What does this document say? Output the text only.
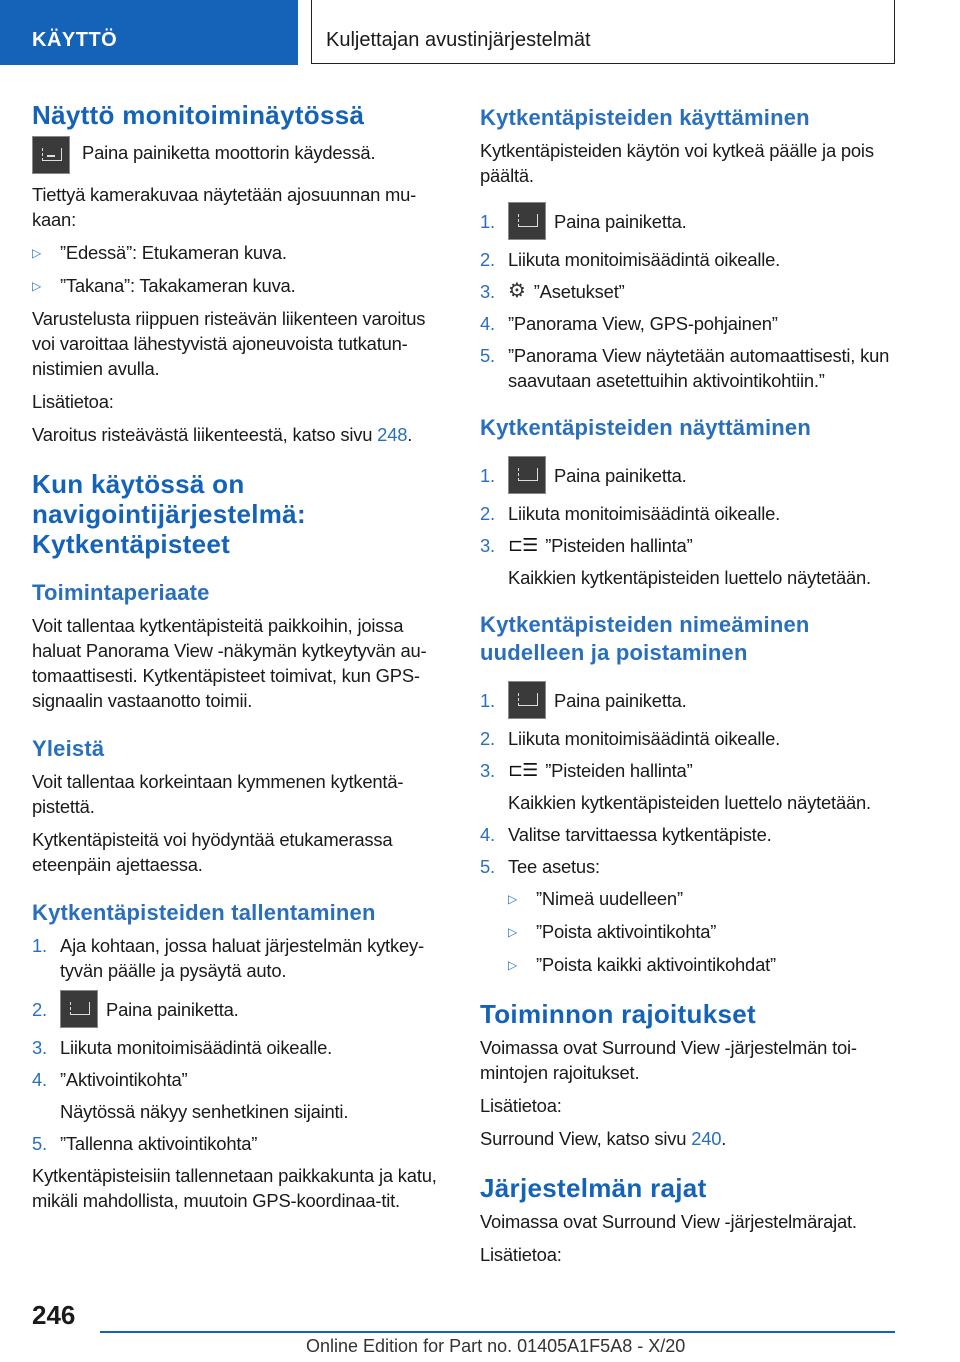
KÄYTTÖ	Kuljettajan avustinjärjestelmät
Näyttö monitoiminäytössä
Paina painiketta moottorin käydessä.
Tiettyä kamerakuvaa näytetään ajosuunnan mu-kaan:
▷	”Edessä”: Etukameran kuva.
▷	”Takana”: Takakameran kuva.
Varustelusta riippuen risteävän liikenteen varoitus voi varoittaa lähestyvistä ajoneuvoista tutkatun-nistimien avulla.
Lisätietoa:
Varoitus risteävästä liikenteestä, katso sivu 248.
Kun käytössä on navigointijärjestelmä: Kytkentäpisteet
Toimintaperiaate
Voit tallentaa kytkentäpisteitä paikkoihin, joissa haluat Panorama View -näkymän kytkeytyvän au-tomaattisesti. Kytkentäpisteet toimivat, kun GPS-signaalin vastaanotto toimii.
Yleistä
Voit tallentaa korkeintaan kymmenen kytkentä-pistettä.
Kytkentäpisteitä voi hyödyntää etukamerassa eteenpäin ajettaessa.
Kytkentäpisteiden tallentaminen
1. Aja kohtaan, jossa haluat järjestelmän kytkey-tyvän päälle ja pysäytä auto.
2.	Paina painiketta.
3. Liikuta monitoimisäädintä oikealle.
4. ”Aktivointikohta”
Näytössä näkyy senhetkinen sijainti.
5. ”Tallenna aktivointikohta”
Kytkentäpisteisiin tallennetaan paikkakunta ja katu, mikäli mahdollista, muutoin GPS-koordinaa-tit.
Kytkentäpisteiden käyttäminen
Kytkentäpisteiden käytön voi kytkeä päälle ja pois päältä.
1.	Paina painiketta.
2. Liikuta monitoimisäädintä oikealle.
3. ⚙ ”Asetukset”
4. ”Panorama View, GPS-pohjainen”
5. ”Panorama View näytetään automaattisesti, kun saavutaan asetettuihin aktivointikohtiin.”
Kytkentäpisteiden näyttäminen
1.	Paina painiketta.
2. Liikuta monitoimisäädintä oikealle.
3. ⊏☰ ”Pisteiden hallinta”
Kaikkien kytkentäpisteiden luettelo näytetään.
Kytkentäpisteiden nimeäminen uudelleen ja poistaminen
1.	Paina painiketta.
2. Liikuta monitoimisäädintä oikealle.
3. ⊏☰ ”Pisteiden hallinta”
Kaikkien kytkentäpisteiden luettelo näytetään.
4. Valitse tarvittaessa kytkentäpiste.
5. Tee asetus:
▷	”Nimeä uudelleen”
▷	”Poista aktivointikohta”
▷	”Poista kaikki aktivointikohdat”
Toiminnon rajoitukset
Voimassa ovat Surround View -järjestelmän toi-mintojen rajoitukset.
Lisätietoa:
Surround View, katso sivu 240.
Järjestelmän rajat
Voimassa ovat Surround View -järjestelmärajat.
Lisätietoa:
246
Online Edition for Part no. 01405A1F5A8 - X/20
